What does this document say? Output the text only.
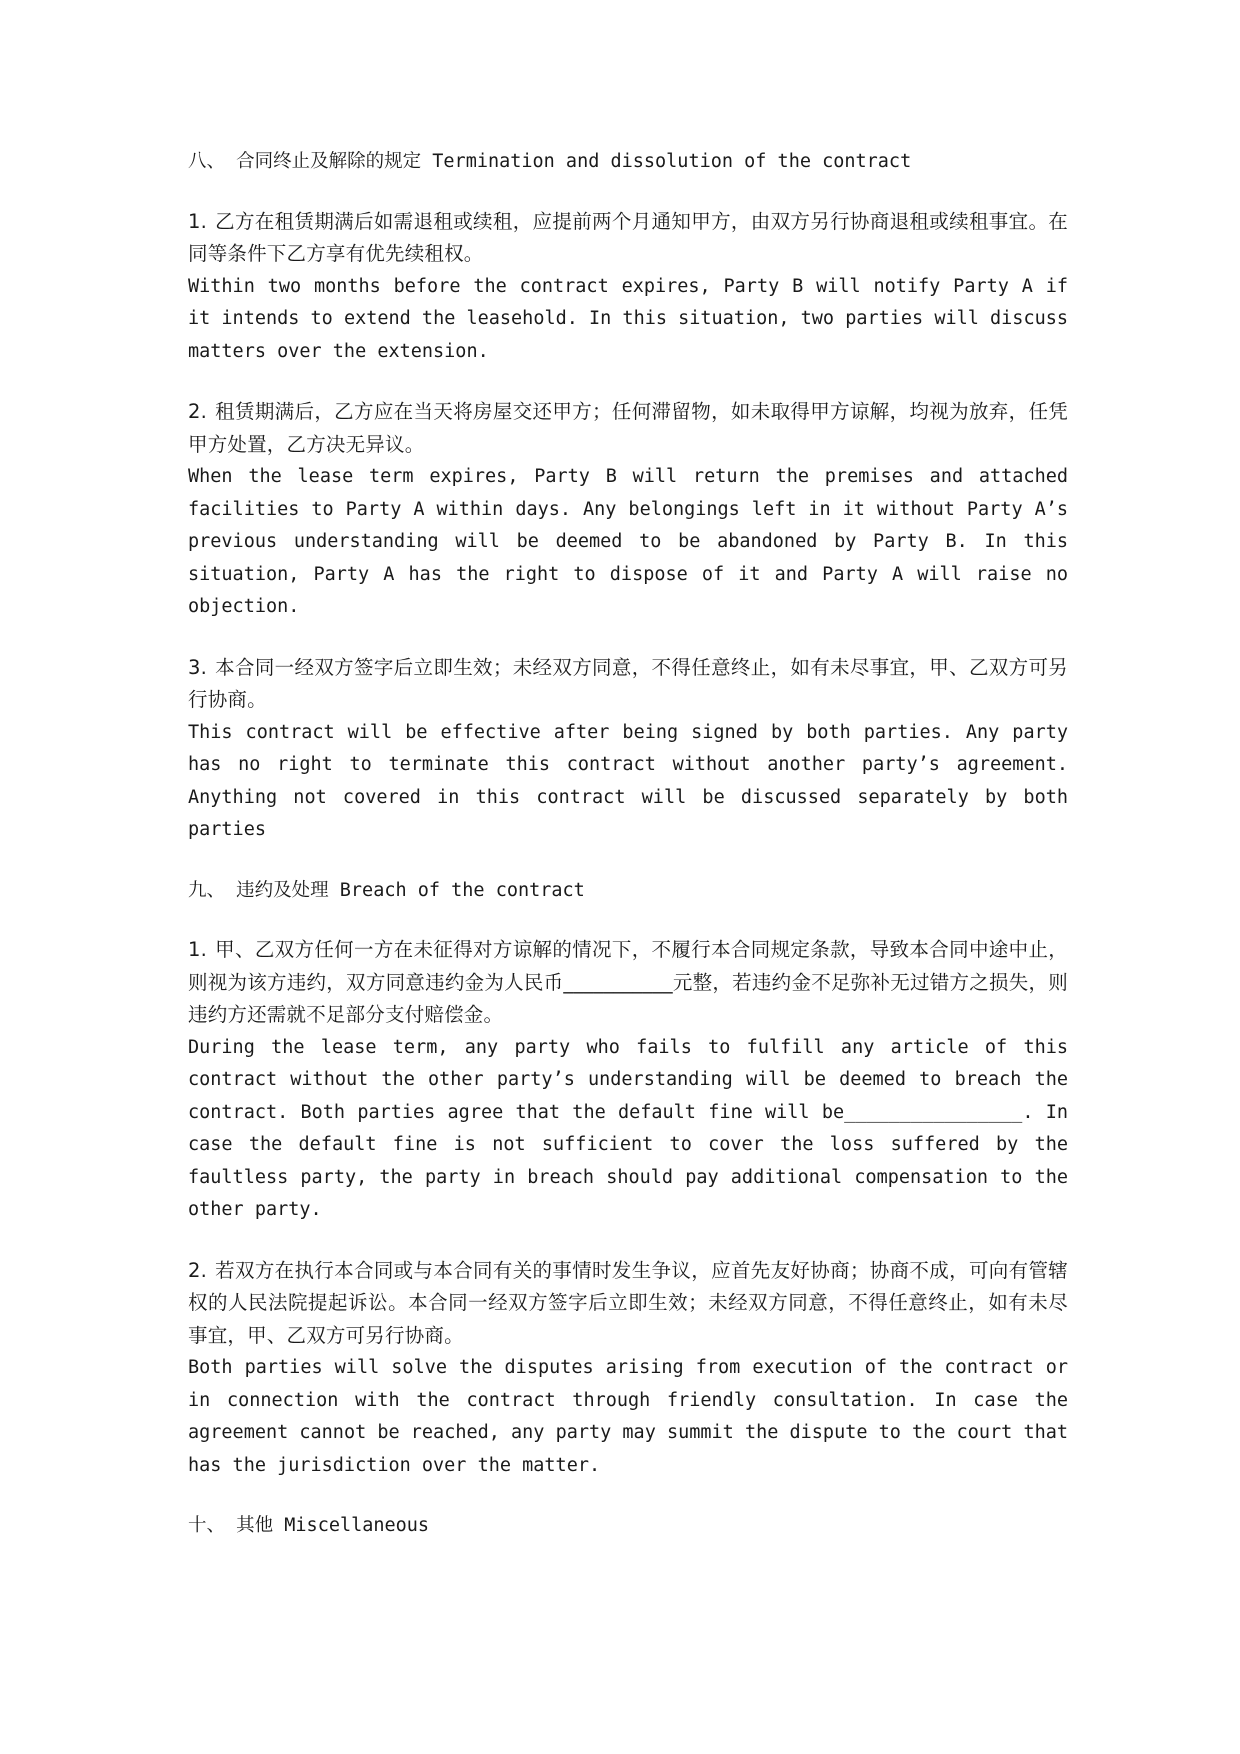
八、 合同终止及解除的规定 Termination and dissolution of the contract

1. 乙方在租赁期满后如需退租或续租，应提前两个月通知甲方，由双方另行协商退租或续租事宜。在同等条件下乙方享有优先续租权。

Within two months before the contract expires, Party B will notify Party A if it intends to extend the leasehold. In this situation, two parties will discuss matters over the extension.

2. 租赁期满后，乙方应在当天将房屋交还甲方；任何滞留物，如未取得甲方谅解，均视为放弃，任凭甲方处置，乙方决无异议。

When the lease term expires, Party B will return the premises and attached facilities to Party A within days. Any belongings left in it without Party A’s previous understanding will be deemed to be abandoned by Party B. In this situation, Party A has the right to dispose of it and Party A will raise no objection.

3. 本合同一经双方签字后立即生效；未经双方同意，不得任意终止，如有未尽事宜，甲、乙双方可另行协商。

This contract will be effective after being signed by both parties. Any party has no right to terminate this contract without another party’s agreement. Anything not covered in this contract will be discussed separately by both parties

九、 违约及处理 Breach of the contract

1. 甲、乙双方任何一方在未征得对方谅解的情况下，不履行本合同规定条款，导致本合同中途中止，则视为该方违约，双方同意违约金为人民币___________元整，若违约金不足弥补无过错方之损失，则违约方还需就不足部分支付赔偿金。

During the lease term, any party who fails to fulfill any article of this contract without the other party’s understanding will be deemed to breach the contract. Both parties agree that the default fine will be________________. In case the default fine is not sufficient to cover the loss suffered by the faultless party, the party in breach should pay additional compensation to the other party.

2. 若双方在执行本合同或与本合同有关的事情时发生争议，应首先友好协商；协商不成，可向有管辖权的人民法院提起诉讼。本合同一经双方签字后立即生效；未经双方同意，不得任意终止，如有未尽事宜，甲、乙双方可另行协商。

Both parties will solve the disputes arising from execution of the contract or in connection with the contract through friendly consultation. In case the agreement cannot be reached, any party may summit the dispute to the court that has the jurisdiction over the matter.

十、 其他 Miscellaneous
